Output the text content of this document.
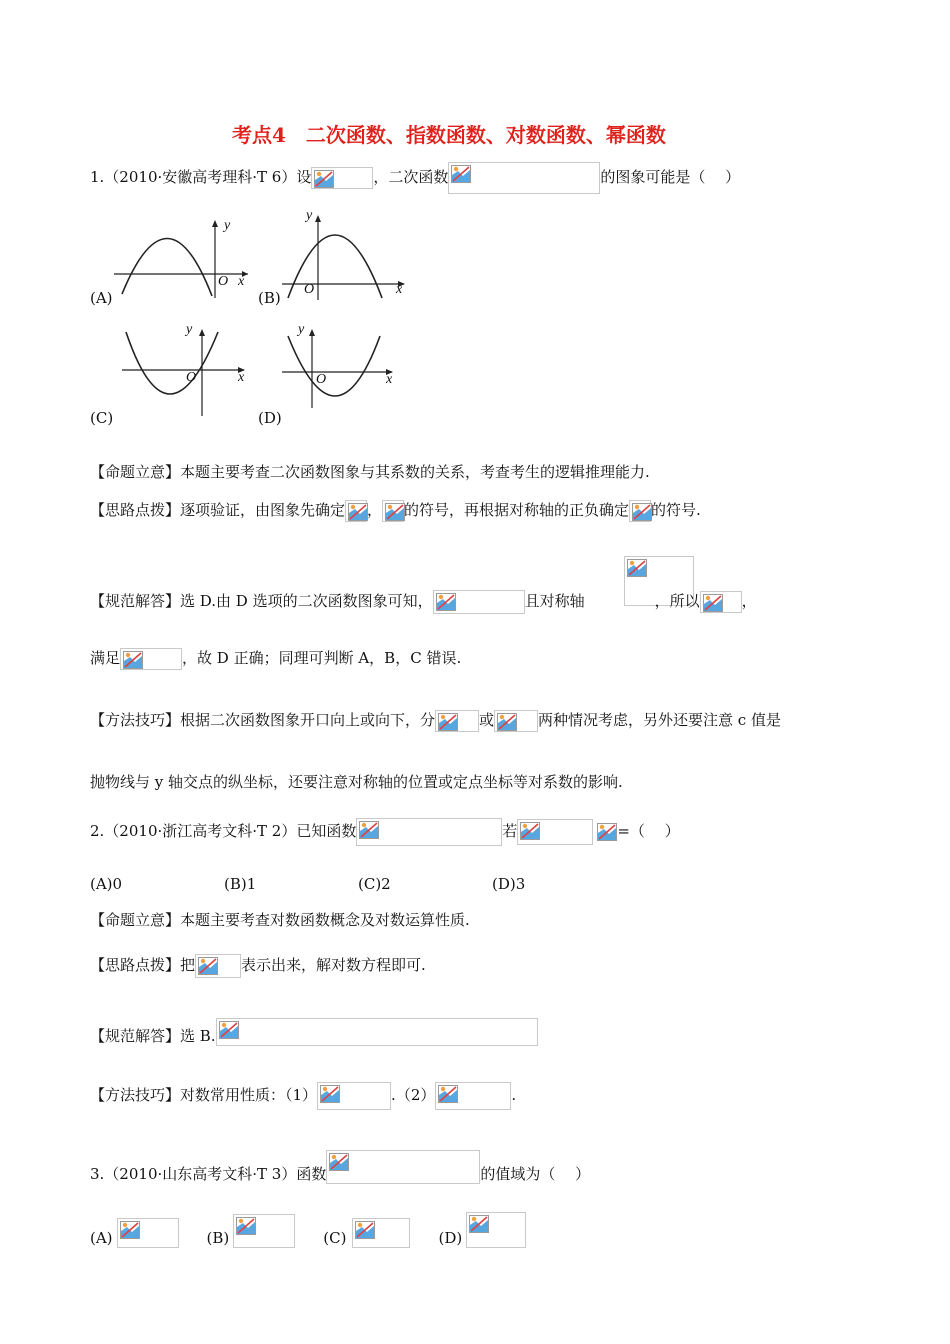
考点4　二次函数、指数函数、对数函数、幂函数
1.（2010·安徽高考理科·T 6）设	，二次函数	的图象可能是（　 ）
y
O x
(A)
y
O	x
(B)
y
O	x
(C)
y
O	x
(D)
【命题立意】本题主要考查二次函数图象与其系数的关系，考查考生的逻辑推理能力.
【思路点拨】逐项验证，由图象先确定 ， 的符号，再根据对称轴的正负确定 的符号.
【规范解答】选 D.由 D 选项的二次函数图象可知，	且对称轴	，所以	，
满足	，故 D 正确；同理可判断 A，B，C 错误.
【方法技巧】根据二次函数图象开口向上或向下，分	或	两种情况考虑，另外还要注意 c 值是
抛物线与 y 轴交点的纵坐标，还要注意对称轴的位置或定点坐标等对系数的影响.
2.（2010·浙江高考文科·T 2）已知函数	若	=（　 ）
(A)0	(B)1	(C)2	(D)3
【命题立意】本题主要考查对数函数概念及对数运算性质.
【思路点拨】把	表示出来，解对数方程即可.
【规范解答】选 B.
【方法技巧】对数常用性质：（1）	.（2）	.
3.（2010·山东高考文科·T 3）函数	的值域为（　 ）
(A)	(B)	(C)	(D)
